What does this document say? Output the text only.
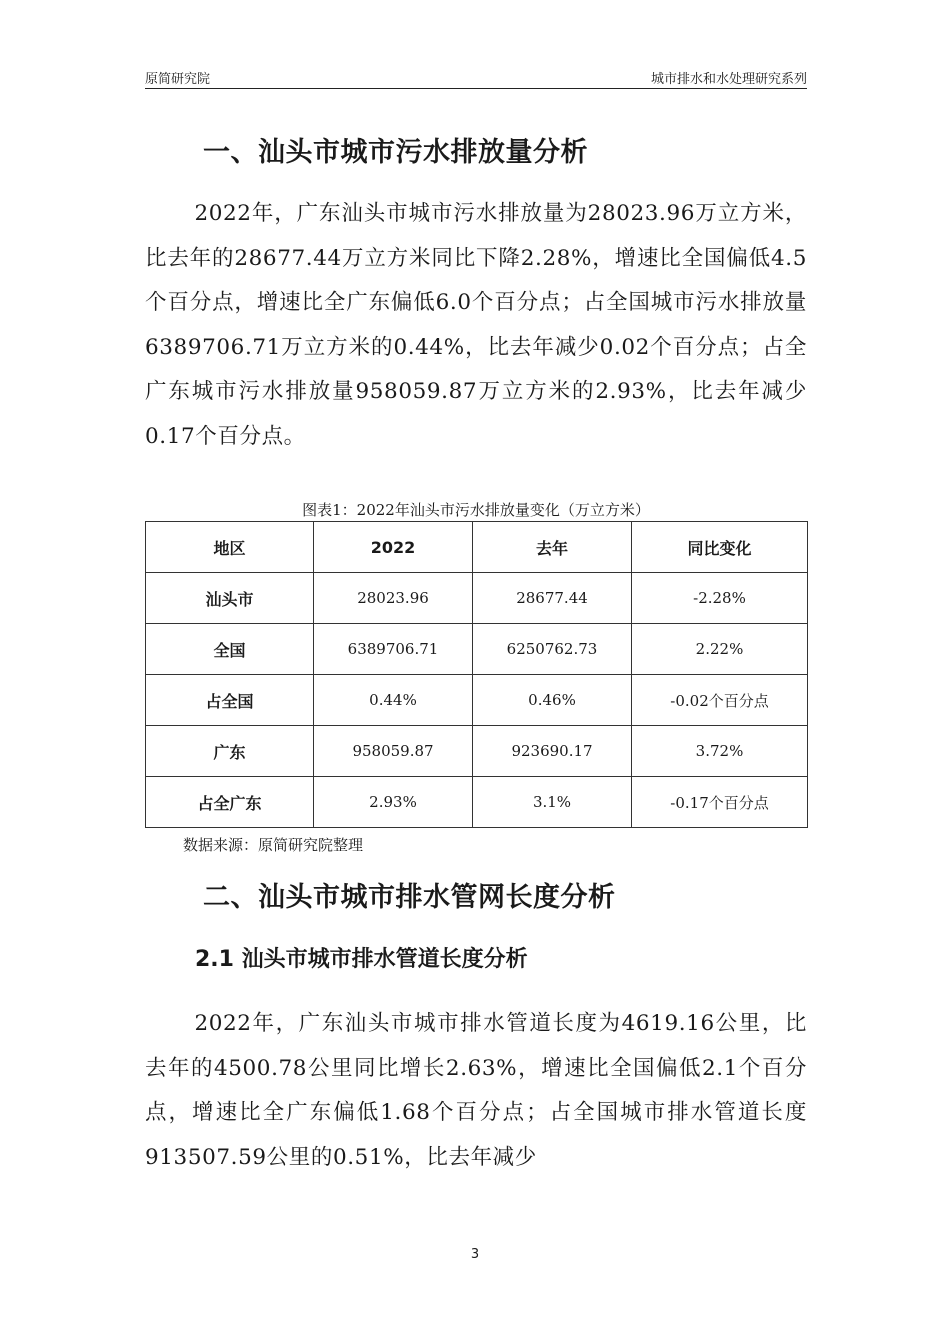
原简研究院	城市排水和水处理研究系列
一、汕头市城市污水排放量分析

2022年，广东汕头市城市污水排放量为28023.96万立方米，比去年的28677.44万立方米同比下降2.28%，增速比全国偏低4.5个百分点，增速比全广东偏低6.0个百分点；占全国城市污水排放量6389706.71万立方米的0.44%，比去年减少0.02个百分点；占全广东城市污水排放量958059.87万立方米的2.93%，比去年减少0.17个百分点。

图表1：2022年汕头市污水排放量变化（万立方米）
地区	2022	去年	同比变化
汕头市	28023.96	28677.44	-2.28%
全国	6389706.71	6250762.73	2.22%
占全国	0.44%	0.46%	-0.02个百分点
广东	958059.87	923690.17	3.72%
占全广东	2.93%	3.1%	-0.17个百分点
数据来源：原简研究院整理
二、汕头市城市排水管网长度分析
2.1 汕头市城市排水管道长度分析

2022年，广东汕头市城市排水管道长度为4619.16公里，比去年的4500.78公里同比增长2.63%，增速比全国偏低2.1个百分点，增速比全广东偏低1.68个百分点；占全国城市排水管道长度913507.59公里的0.51%，比去年减少

3
